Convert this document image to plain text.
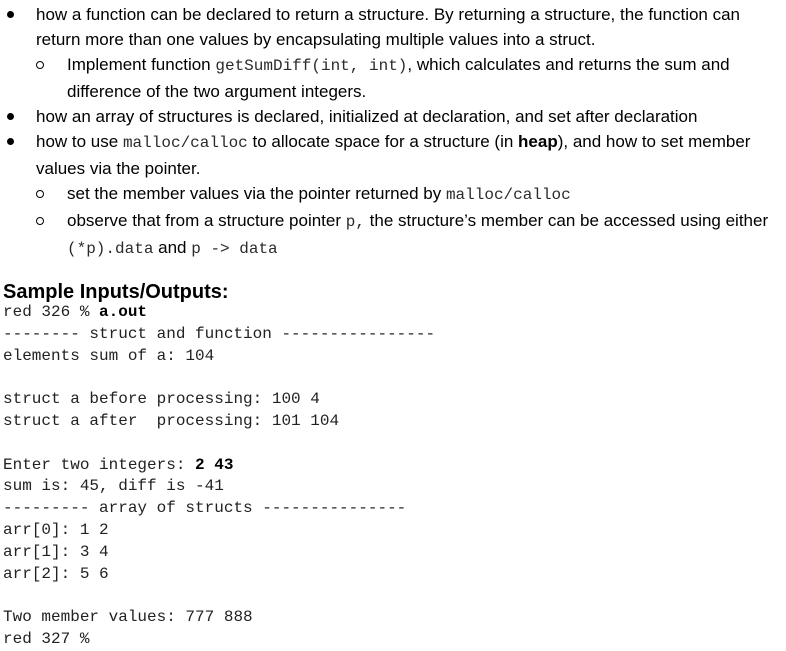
how a function can be declared to return a structure. By returning a structure, the function can return more than one values by encapsulating multiple values into a struct.
Implement function getSumDiff(int, int), which calculates and returns the sum and difference of the two argument integers.
how an array of structures is declared, initialized at declaration, and set after declaration
how to use malloc/calloc to allocate space for a structure (in heap), and how to set member values via the pointer.
set the member values via the pointer returned by malloc/calloc
observe that from a structure pointer p, the structure’s member can be accessed using either (*p).data and p -> data
Sample Inputs/Outputs:
red 326 % a.out
-------- struct and function ----------------
elements sum of a: 104

struct a before processing: 100 4
struct a after  processing: 101 104

Enter two integers: 2 43
sum is: 45, diff is -41
--------- array of structs ---------------
arr[0]: 1 2
arr[1]: 3 4
arr[2]: 5 6

Two member values: 777 888
red 327 %
